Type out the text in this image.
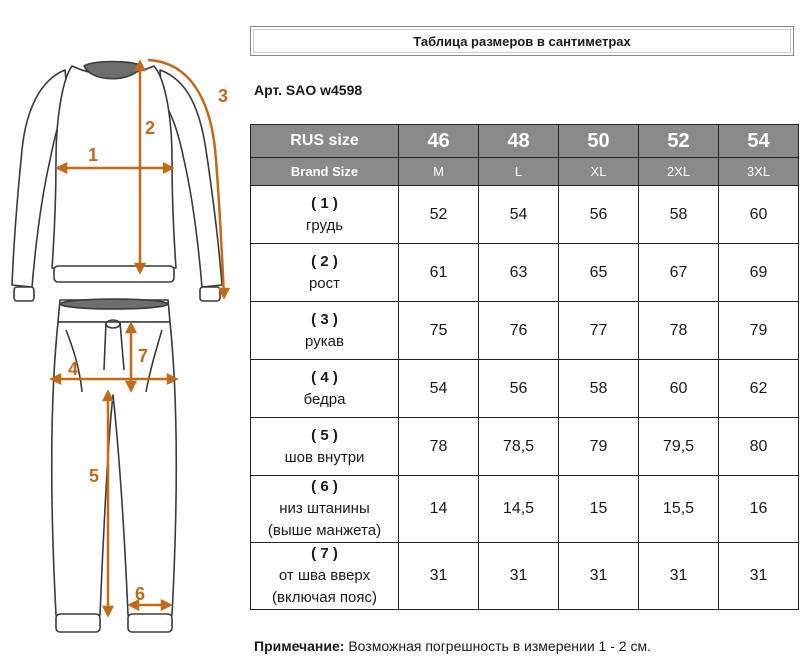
1
2
3
4
5
6
7
Таблица размеров в сантиметрах
Арт. SAO w4598
RUS size	46	48	50	52	54
Brand Size	M	L	XL	2XL	3XL

( 1 )
грудь	52	54	56	58	60

( 2 )
рост	61	63	65	67	69

( 3 )
рукав	75	76	77	78	79

( 4 )
бедра	54	56	58	60	62

( 5 )
шов внутри	78	78,5	79	79,5	80

( 6 )
низ штанины
(выше манжета)	14	14,5	15	15,5	16

( 7 )
от шва вверх
(включая пояс)	31	31	31	31	31
Примечание: Возможная погрешность в измерении 1 - 2 см.
